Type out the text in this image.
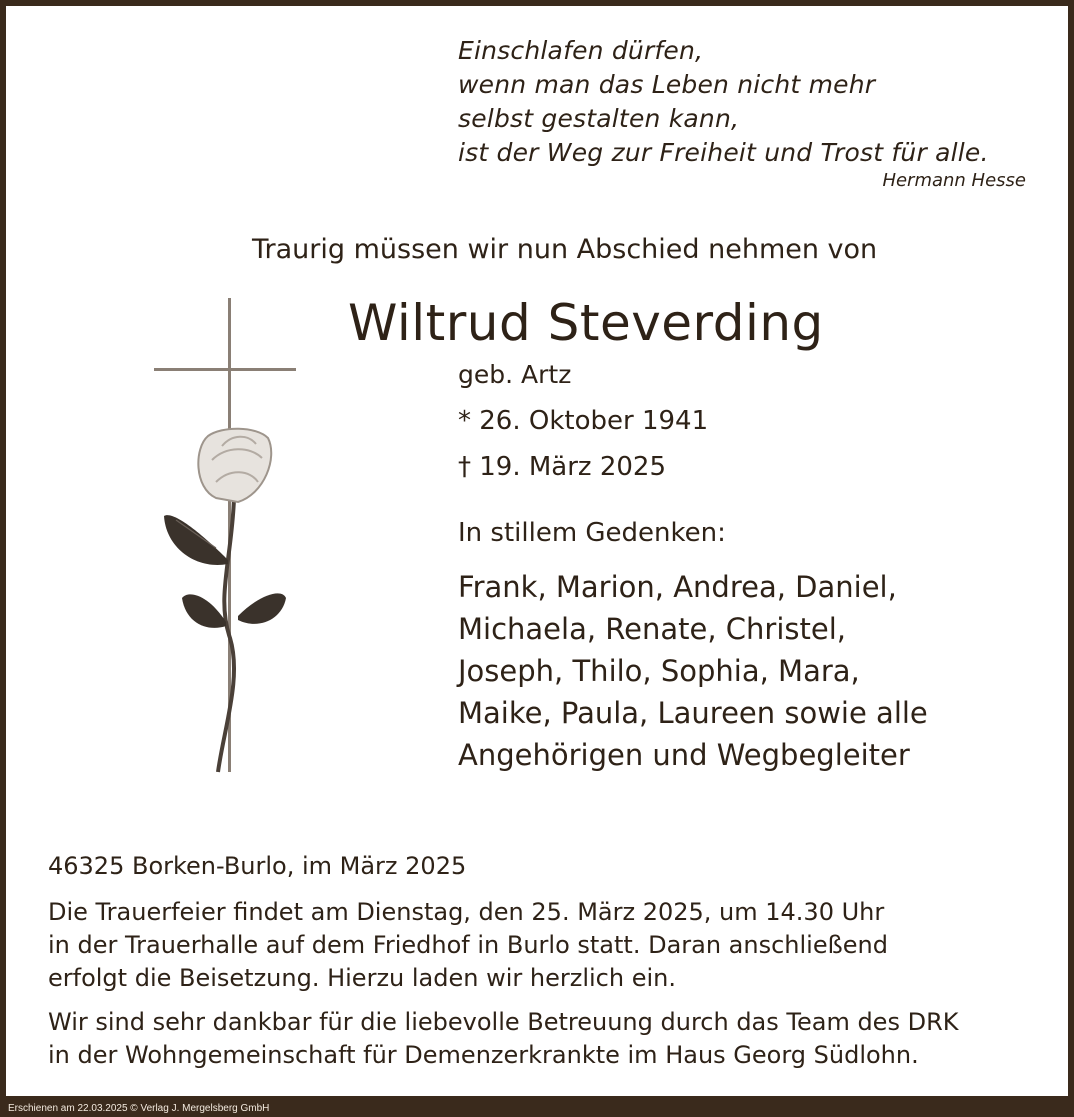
Einschlafen dürfen,
wenn man das Leben nicht mehr
selbst gestalten kann,
ist der Weg zur Freiheit und Trost für alle.
Hermann Hesse
Traurig müssen wir nun Abschied nehmen von
Wiltrud Steverding
geb. Artz
* 26. Oktober 1941
† 19. März 2025
In stillem Gedenken:
Frank, Marion, Andrea, Daniel,
Michaela, Renate, Christel,
Joseph, Thilo, Sophia, Mara,
Maike, Paula, Laureen sowie alle
Angehörigen und Wegbegleiter
46325 Borken-Burlo, im März 2025
Die Trauerfeier findet am Dienstag, den 25. März 2025, um 14.30 Uhr
in der Trauerhalle auf dem Friedhof in Burlo statt. Daran anschließend
erfolgt die Beisetzung. Hierzu laden wir herzlich ein.
Wir sind sehr dankbar für die liebevolle Betreuung durch das Team des DRK
in der Wohngemeinschaft für Demenzerkrankte im Haus Georg Südlohn.
Erschienen am 22.03.2025 © Verlag J. Mergelsberg GmbH
